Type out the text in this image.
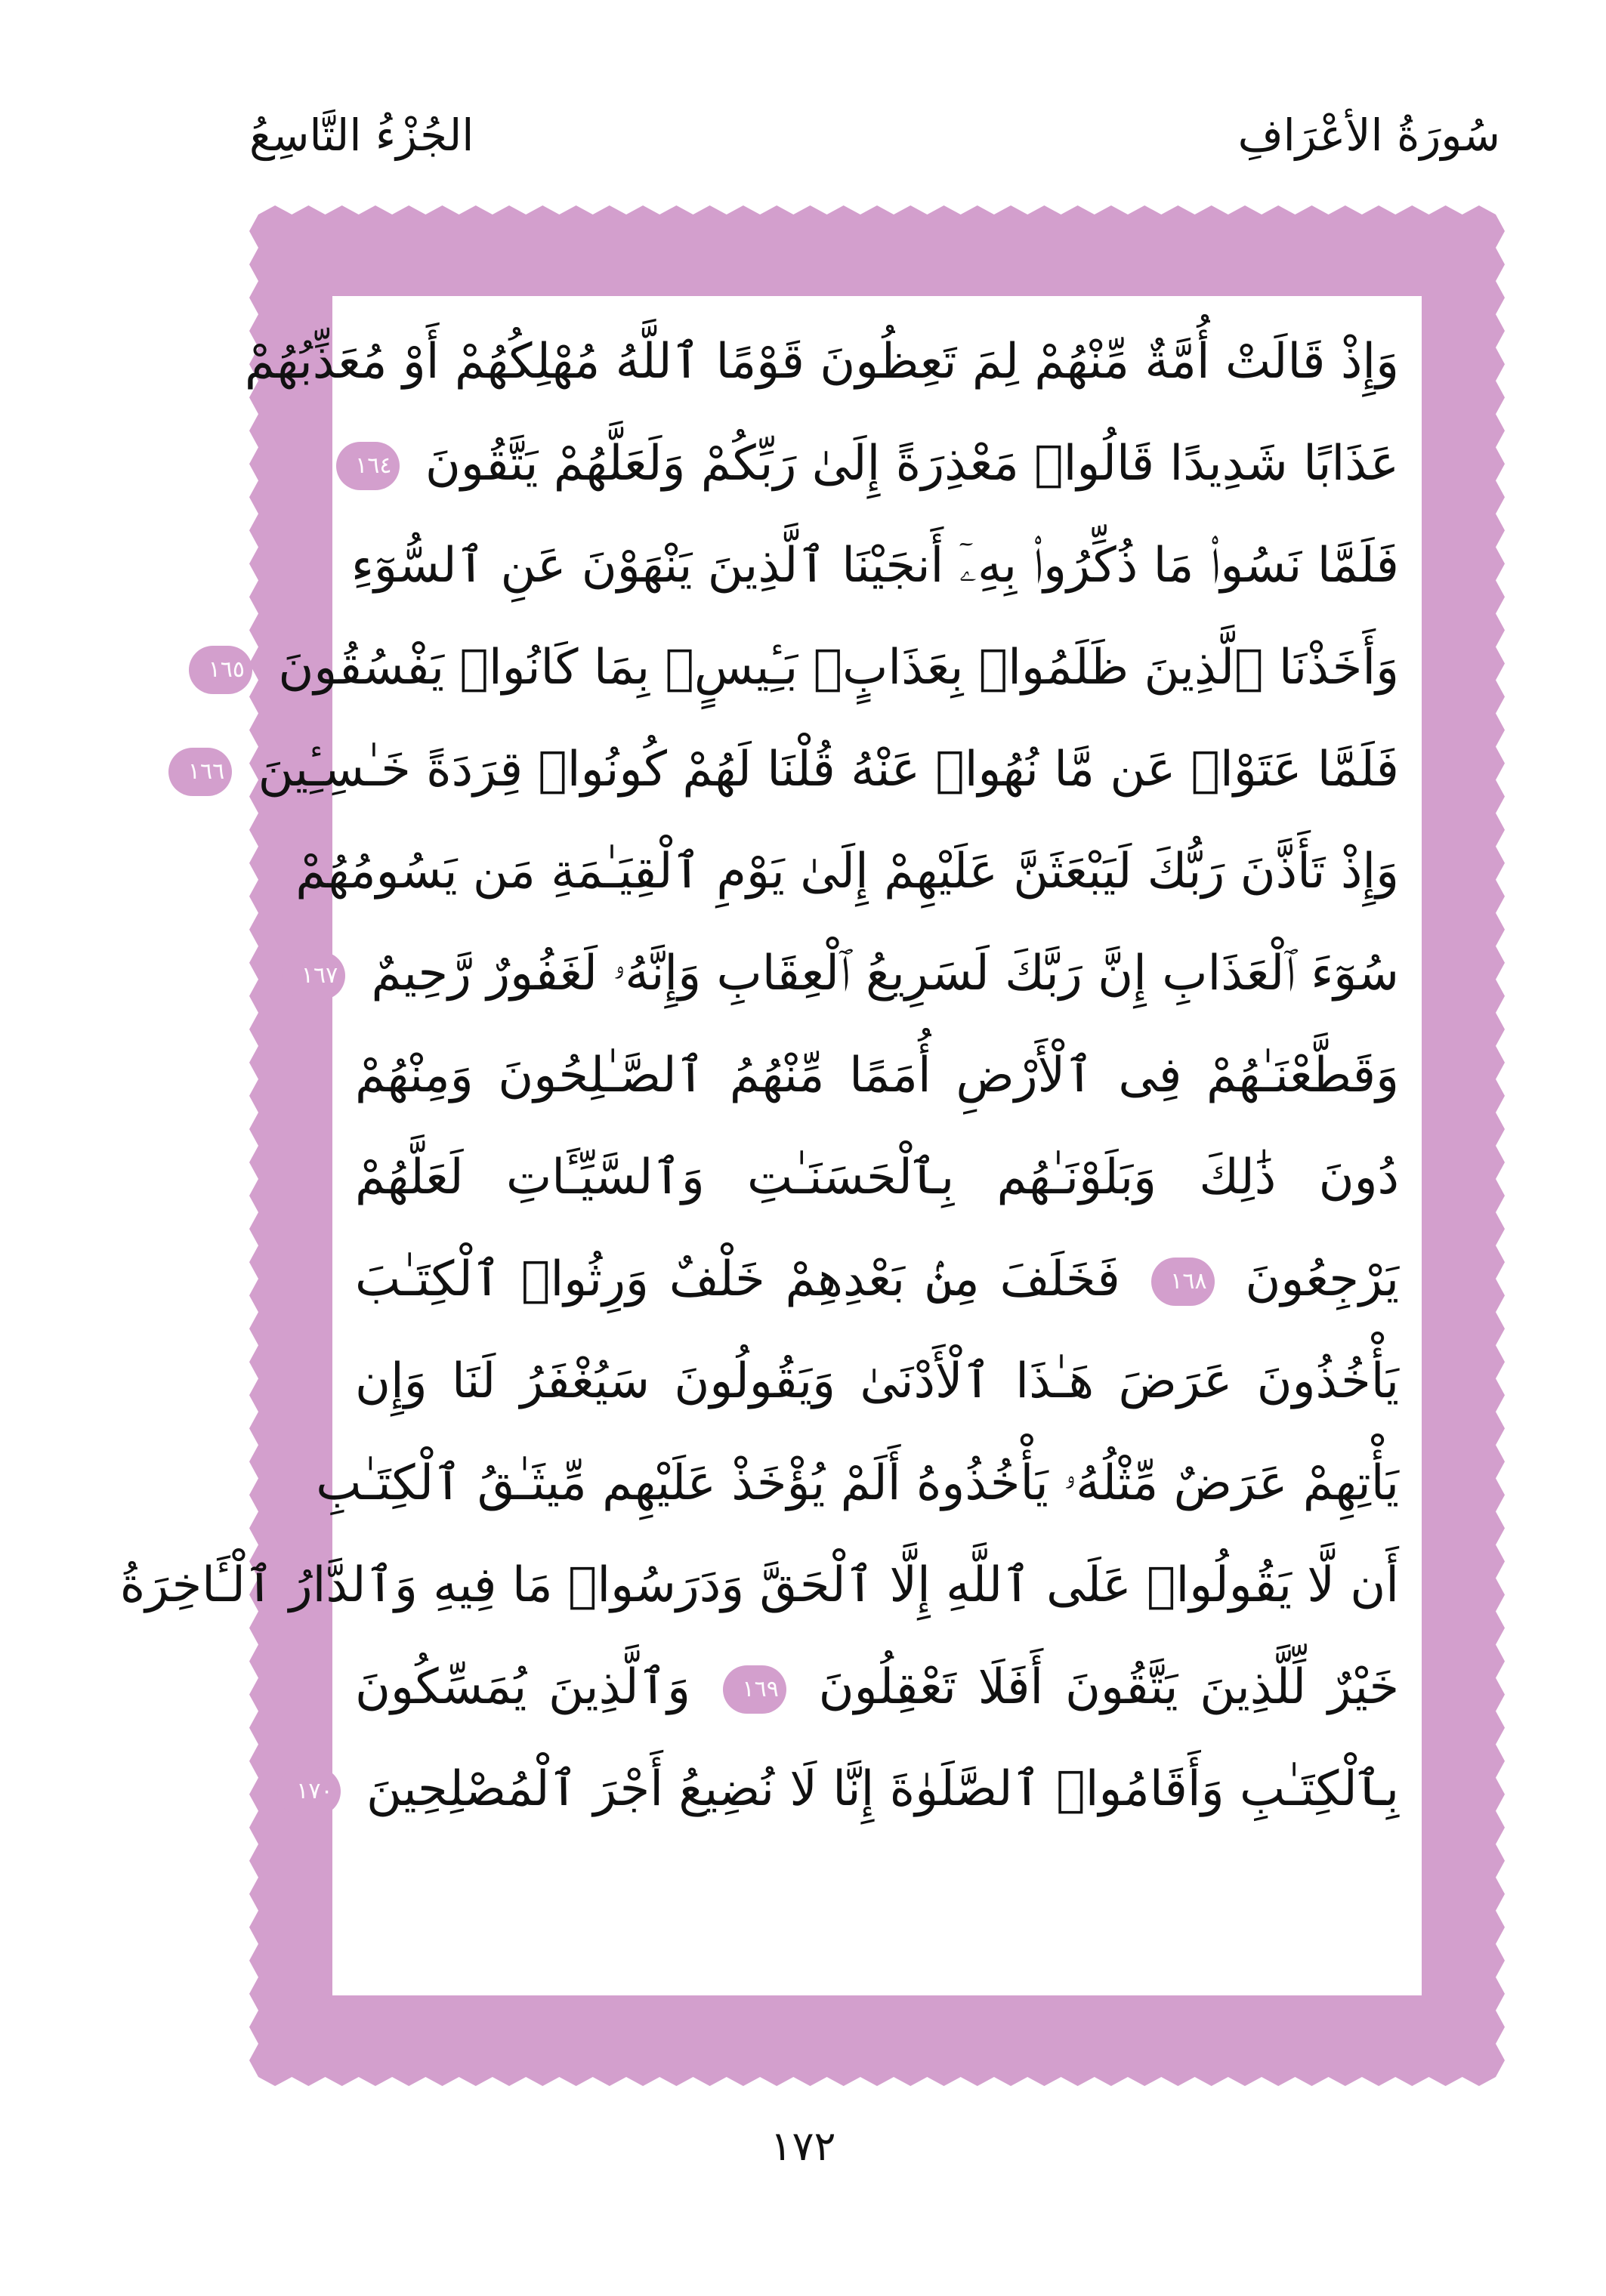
سُورَةُ الأعْرَافِ
الجُزْءُ التَّاسِعُ
وَإِذْ قَالَتْ أُمَّةٌ مِّنْهُمْ لِمَ تَعِظُونَ قَوْمًا ٱللَّهُ مُهْلِكُهُمْ أَوْ مُعَذِّبُهُمْ
عَذَابًا شَدِيدًا قَالُوا۟ مَعْذِرَةً إِلَىٰ رَبِّكُمْ وَلَعَلَّهُمْ يَتَّقُونَ ١٦٤
فَلَمَّا نَسُوا۟ مَا ذُكِّرُوا۟ بِهِۦٓ أَنجَيْنَا ٱلَّذِينَ يَنْهَوْنَ عَنِ ٱلسُّوٓءِ
وَأَخَذْنَا ٱلَّذِينَ ظَلَمُوا۟ بِعَذَابٍۭ بَـِٔيسٍۭ بِمَا كَانُوا۟ يَفْسُقُونَ ١٦٥
فَلَمَّا عَتَوْا۟ عَن مَّا نُهُوا۟ عَنْهُ قُلْنَا لَهُمْ كُونُوا۟ قِرَدَةً خَـٰسِـِٔينَ ١٦٦
وَإِذْ تَأَذَّنَ رَبُّكَ لَيَبْعَثَنَّ عَلَيْهِمْ إِلَىٰ يَوْمِ ٱلْقِيَـٰمَةِ مَن يَسُومُهُمْ
سُوٓءَ ٱلْعَذَابِ إِنَّ رَبَّكَ لَسَرِيعُ ٱلْعِقَابِ وَإِنَّهُۥ لَغَفُورٌ رَّحِيمٌ ١٦٧
وَقَطَّعْنَـٰهُمْ فِى ٱلْأَرْضِ أُمَمًا مِّنْهُمُ ٱلصَّـٰلِحُونَ وَمِنْهُمْ
دُونَ ذَٰلِكَ وَبَلَوْنَـٰهُم بِٱلْحَسَنَـٰتِ وَٱلسَّيِّـَٔاتِ لَعَلَّهُمْ
يَرْجِعُونَ ١٦٨ فَخَلَفَ مِنۢ بَعْدِهِمْ خَلْفٌ وَرِثُوا۟ ٱلْكِتَـٰبَ
يَأْخُذُونَ عَرَضَ هَـٰذَا ٱلْأَدْنَىٰ وَيَقُولُونَ سَيُغْفَرُ لَنَا وَإِن
يَأْتِهِمْ عَرَضٌ مِّثْلُهُۥ يَأْخُذُوهُ أَلَمْ يُؤْخَذْ عَلَيْهِم مِّيثَـٰقُ ٱلْكِتَـٰبِ
أَن لَّا يَقُولُوا۟ عَلَى ٱللَّهِ إِلَّا ٱلْحَقَّ وَدَرَسُوا۟ مَا فِيهِ وَٱلدَّارُ ٱلْـَٔاخِرَةُ
خَيْرٌ لِّلَّذِينَ يَتَّقُونَ أَفَلَا تَعْقِلُونَ ١٦٩ وَٱلَّذِينَ يُمَسِّكُونَ
بِٱلْكِتَـٰبِ وَأَقَامُوا۟ ٱلصَّلَوٰةَ إِنَّا لَا نُضِيعُ أَجْرَ ٱلْمُصْلِحِينَ ١٧٠
١٧٢
